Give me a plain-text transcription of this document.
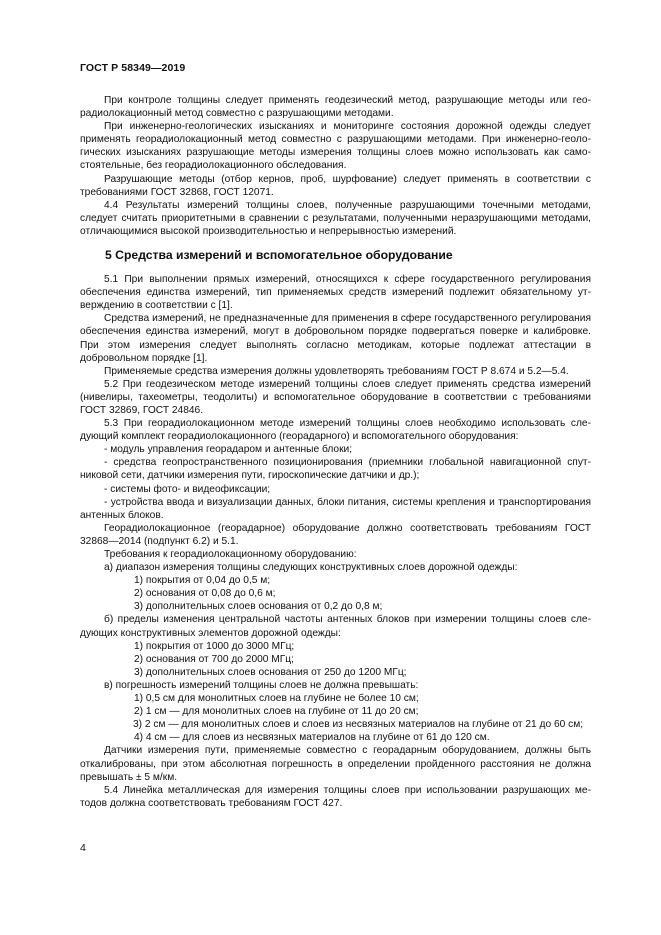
ГОСТ Р 58349—2019

При контроле толщины следует применять геодезический метод, разрушающие методы или георадиолокационный метод совместно с разрушающими методами.

При инженерно-геологических изысканиях и мониторинге состояния дорожной одежды следует применять георадиолокационный метод совместно с разрушающими методами. При инженерно-геологических изысканиях разрушающие методы измерения толщины слоев можно использовать как самостоятельные, без георадиолокационного обследования.

Разрушающие методы (отбор кернов, проб, шурфование) следует применять в соответствии с требованиями ГОСТ 32868, ГОСТ 12071.

4.4 Результаты измерений толщины слоев, полученные разрушающими точечными методами, следует считать приоритетными в сравнении с результатами, полученными неразрушающими методами, отличающимися высокой производительностью и непрерывностью измерений.

5 Средства измерений и вспомогательное оборудование

5.1 При выполнении прямых измерений, относящихся к сфере государственного регулирования обеспечения единства измерений, тип применяемых средств измерений подлежит обязательному утверждению в соответствии с [1].

Средства измерений, не предназначенные для применения в сфере государственного регулирования обеспечения единства измерений, могут в добровольном порядке подвергаться поверке и калибровке. При этом измерения следует выполнять согласно методикам, которые подлежат аттестации в добровольном порядке [1].

Применяемые средства измерения должны удовлетворять требованиям ГОСТ Р 8.674 и 5.2—5.4.

5.2 При геодезическом методе измерений толщины слоев следует применять средства измерений (нивелиры, тахеометры, теодолиты) и вспомогательное оборудование в соответствии с требованиями ГОСТ 32869, ГОСТ 24846.

5.3 При георадиолокационном методе измерений толщины слоев необходимо использовать следующий комплект георадиолокационного (георадарного) и вспомогательного оборудования:

- модуль управления георадаром и антенные блоки;

- средства геопространственного позиционирования (приемники глобальной навигационной спутниковой сети, датчики измерения пути, гироскопические датчики и др.);

- системы фото- и видеофиксации;

- устройства ввода и визуализации данных, блоки питания, системы крепления и транспортирования антенных блоков.

Георадиолокационное (георадарное) оборудование должно соответствовать требованиям ГОСТ 32868—2014 (подпункт 6.2) и 5.1.

Требования к георадиолокационному оборудованию:

а) диапазон измерения толщины следующих конструктивных слоев дорожной одежды:

1) покрытия от 0,04 до 0,5 м;

2) основания от 0,08 до 0,6 м;

3) дополнительных слоев основания от 0,2 до 0,8 м;

б) пределы изменения центральной частоты антенных блоков при измерении толщины слоев следующих конструктивных элементов дорожной одежды:

1) покрытия от 1000 до 3000 МГц;

2) основания от 700 до 2000 МГц;

3) дополнительных слоев основания от 250 до 1200 МГц;

в) погрешность измерений толщины слоев не должна превышать:

1) 0,5 см для монолитных слоев на глубине не более 10 см;

2) 1 см — для монолитных слоев на глубине от 11 до 20 см;

3) 2 см — для монолитных слоев и слоев из несвязных материалов на глубине от 21 до 60 см;

4) 4 см — для слоев из несвязных материалов на глубине от 61 до 120 см.

Датчики измерения пути, применяемые совместно с георадарным оборудованием, должны быть откалиброваны, при этом абсолютная погрешность в определении пройденного расстояния не должна превышать ± 5 м/км.

5.4 Линейка металлическая для измерения толщины слоев при использовании разрушающих методов должна соответствовать требованиям ГОСТ 427.

4
